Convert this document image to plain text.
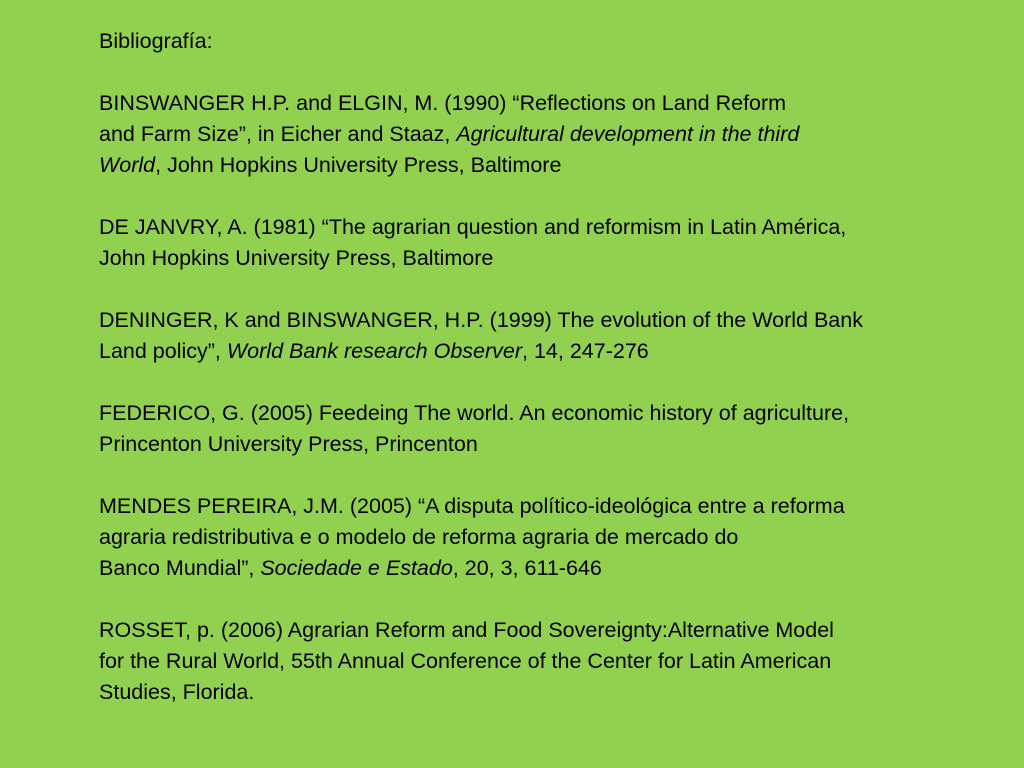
Bibliografía:
BINSWANGER H.P. and ELGIN, M. (1990) “Reflections on Land Reform
and Farm Size”, in Eicher and Staaz, Agricultural development in the third
World, John Hopkins University Press, Baltimore
DE JANVRY, A. (1981) “The agrarian question and reformism in Latin América,
John Hopkins University Press, Baltimore
DENINGER, K and BINSWANGER, H.P. (1999) The evolution of the World Bank
Land policy”, World Bank research Observer, 14, 247-276
FEDERICO, G. (2005) Feedeing The world. An economic history of agriculture,
Princenton University Press, Princenton
MENDES PEREIRA, J.M. (2005) “A disputa político-ideológica entre a reforma
agraria redistributiva e o modelo de reforma agraria de mercado do
Banco Mundial”, Sociedade e Estado, 20, 3, 611-646
ROSSET, p. (2006) Agrarian Reform and Food Sovereignty:Alternative Model
for the Rural World, 55th Annual Conference of the Center for Latin American
Studies, Florida.
